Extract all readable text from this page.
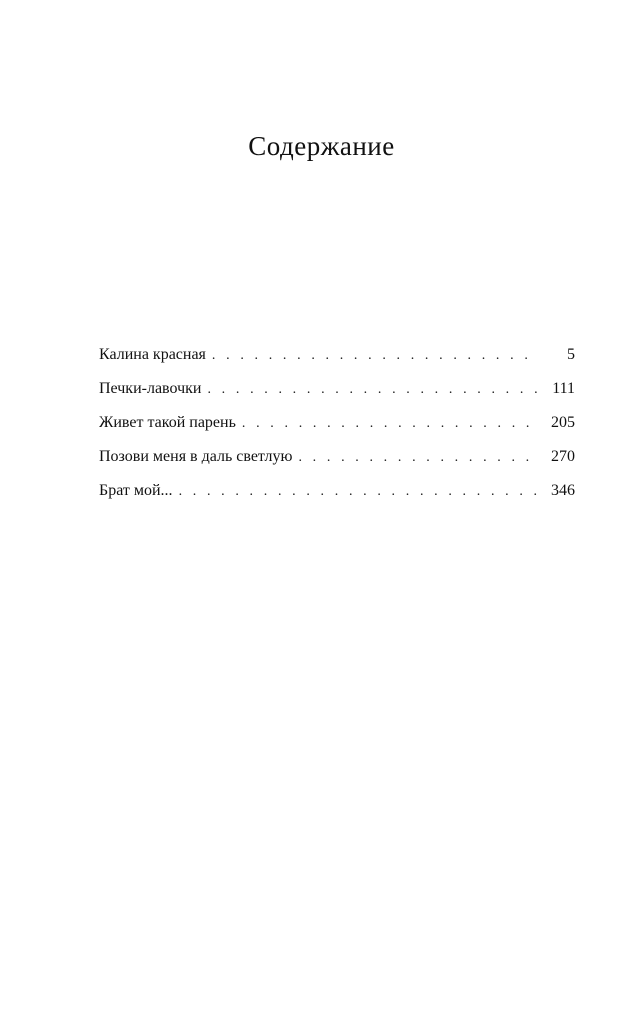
Содержание
Калина красная . . .	5
Печки-лавочки . . .	111
Живет такой парень . . .	205
Позови меня в даль светлую . . .	270
Брат мой... . . .	346
